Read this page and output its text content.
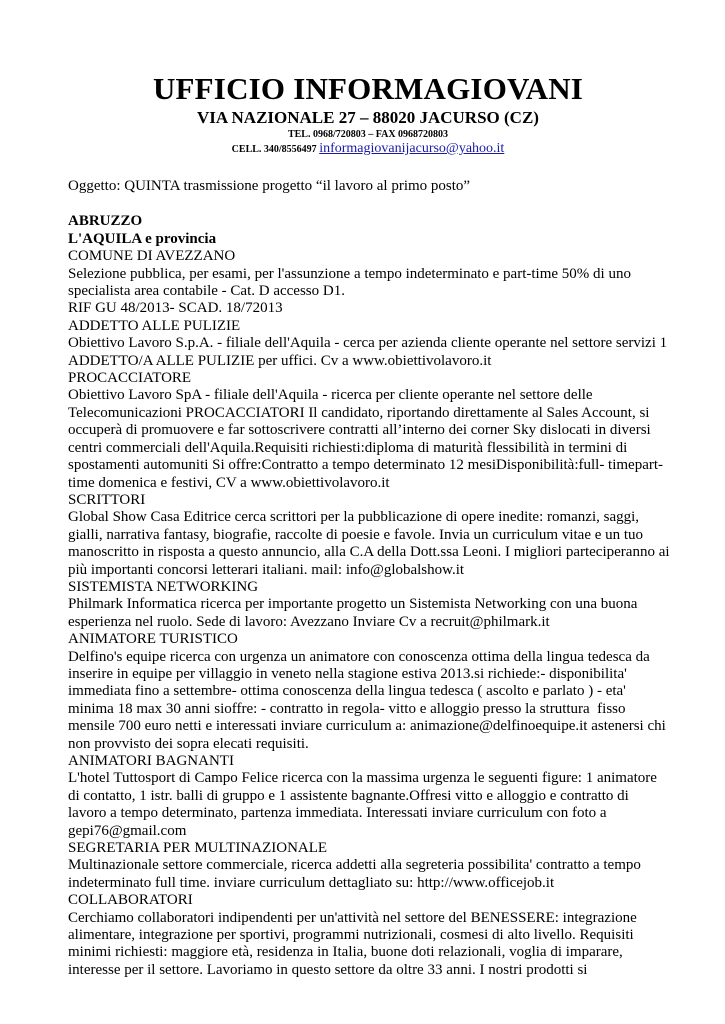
UFFICIO INFORMAGIOVANI
VIA NAZIONALE 27 – 88020 JACURSO (CZ)
TEL. 0968/720803 – FAX 0968720803
CELL. 340/8556497 informagiovanijacurso@yahoo.it
Oggetto: QUINTA trasmissione progetto “il lavoro al primo posto”
ABRUZZO
L'AQUILA e provincia
COMUNE DI AVEZZANO
Selezione pubblica, per esami, per l'assunzione a tempo indeterminato e part-time 50% di uno
specialista area contabile - Cat. D accesso D1.
RIF GU 48/2013- SCAD. 18/72013
ADDETTO ALLE PULIZIE
Obiettivo Lavoro S.p.A. - filiale dell'Aquila - cerca per azienda cliente operante nel settore servizi 1
ADDETTO/A ALLE PULIZIE per uffici. Cv a www.obiettivolavoro.it
PROCACCIATORE
Obiettivo Lavoro SpA - filiale dell'Aquila - ricerca per cliente operante nel settore delle
Telecomunicazioni PROCACCIATORI Il candidato, riportando direttamente al Sales Account, si
occuperà di promuovere e far sottoscrivere contratti all’interno dei corner Sky dislocati in diversi
centri commerciali dell'Aquila.Requisiti richiesti:diploma di maturità flessibilità in termini di
spostamenti automuniti Si offre:Contratto a tempo determinato 12 mesiDisponibilità:full- timepart-
time domenica e festivi, CV a www.obiettivolavoro.it
SCRITTORI
Global Show Casa Editrice cerca scrittori per la pubblicazione di opere inedite: romanzi, saggi,
gialli, narrativa fantasy, biografie, raccolte di poesie e favole. Invia un curriculum vitae e un tuo
manoscritto in risposta a questo annuncio, alla C.A della Dott.ssa Leoni. I migliori parteciperanno ai
più importanti concorsi letterari italiani. mail: info@globalshow.it
SISTEMISTA NETWORKING
Philmark Informatica ricerca per importante progetto un Sistemista Networking con una buona
esperienza nel ruolo. Sede di lavoro: Avezzano Inviare Cv a recruit@philmark.it
ANIMATORE TURISTICO
Delfino's equipe ricerca con urgenza un animatore con conoscenza ottima della lingua tedesca da
inserire in equipe per villaggio in veneto nella stagione estiva 2013.si richiede:- disponibilita'
immediata fino a settembre- ottima conoscenza della lingua tedesca ( ascolto e parlato ) - eta'
minima 18 max 30 anni sioffre: - contratto in regola- vitto e alloggio presso la struttura  fisso
mensile 700 euro netti e interessati inviare curriculum a: animazione@delfinoequipe.it astenersi chi
non provvisto dei sopra elecati requisiti.
ANIMATORI BAGNANTI
L'hotel Tuttosport di Campo Felice ricerca con la massima urgenza le seguenti figure: 1 animatore
di contatto, 1 istr. balli di gruppo e 1 assistente bagnante.Offresi vitto e alloggio e contratto di
lavoro a tempo determinato, partenza immediata. Interessati inviare curriculum con foto a
gepi76@gmail.com
SEGRETARIA PER MULTINAZIONALE
Multinazionale settore commerciale, ricerca addetti alla segreteria possibilita' contratto a tempo
indeterminato full time. inviare curriculum dettagliato su: http://www.officejob.it
COLLABORATORI
Cerchiamo collaboratori indipendenti per un'attività nel settore del BENESSERE: integrazione
alimentare, integrazione per sportivi, programmi nutrizionali, cosmesi di alto livello. Requisiti
minimi richiesti: maggiore età, residenza in Italia, buone doti relazionali, voglia di imparare,
interesse per il settore. Lavoriamo in questo settore da oltre 33 anni. I nostri prodotti si
